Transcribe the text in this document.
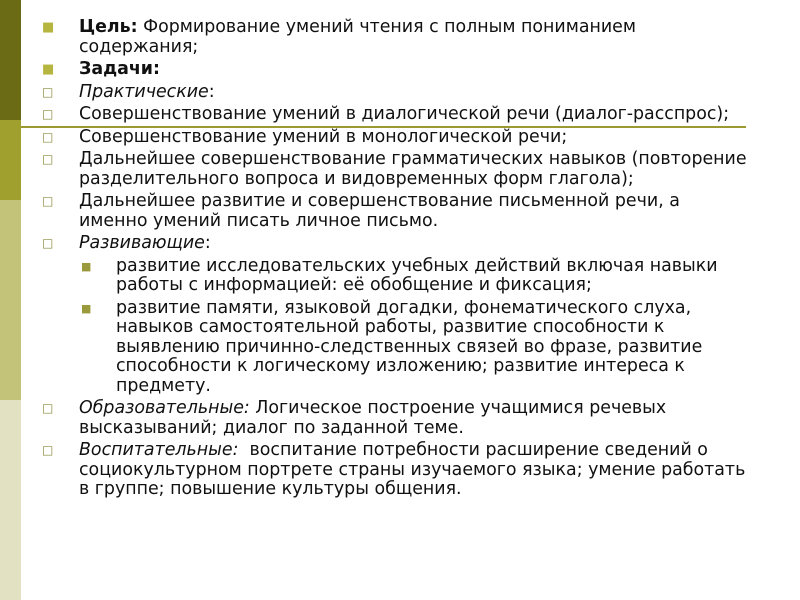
■	Цель: Формирование умений чтения с полным пониманием содержания;
■	Задачи:
□	Практические:
□	Совершенствование умений в диалогической речи (диалог-расспрос);
□	Совершенствование умений в монологической речи;
□	Дальнейшее совершенствование грамматических навыков (повторение разделительного вопроса и видовременных форм глагола);
□	Дальнейшее развитие и совершенствование письменной речи, а именно умений писать личное письмо.
□	Развивающие:
■	развитие исследовательских учебных действий включая навыки работы с информацией: её обобщение и фиксация;
■	развитие памяти, языковой догадки, фонематического слуха, навыков самостоятельной работы, развитие способности к выявлению причинно-следственных связей во фразе, развитие способности к логическому изложению; развитие интереса к предмету.
□	Образовательные: Логическое построение учащимися речевых высказываний; диалог по заданной теме.
□	Воспитательные:  воспитание потребности расширение сведений о социокультурном портрете страны изучаемого языка; умение работать в группе; повышение культуры общения.
